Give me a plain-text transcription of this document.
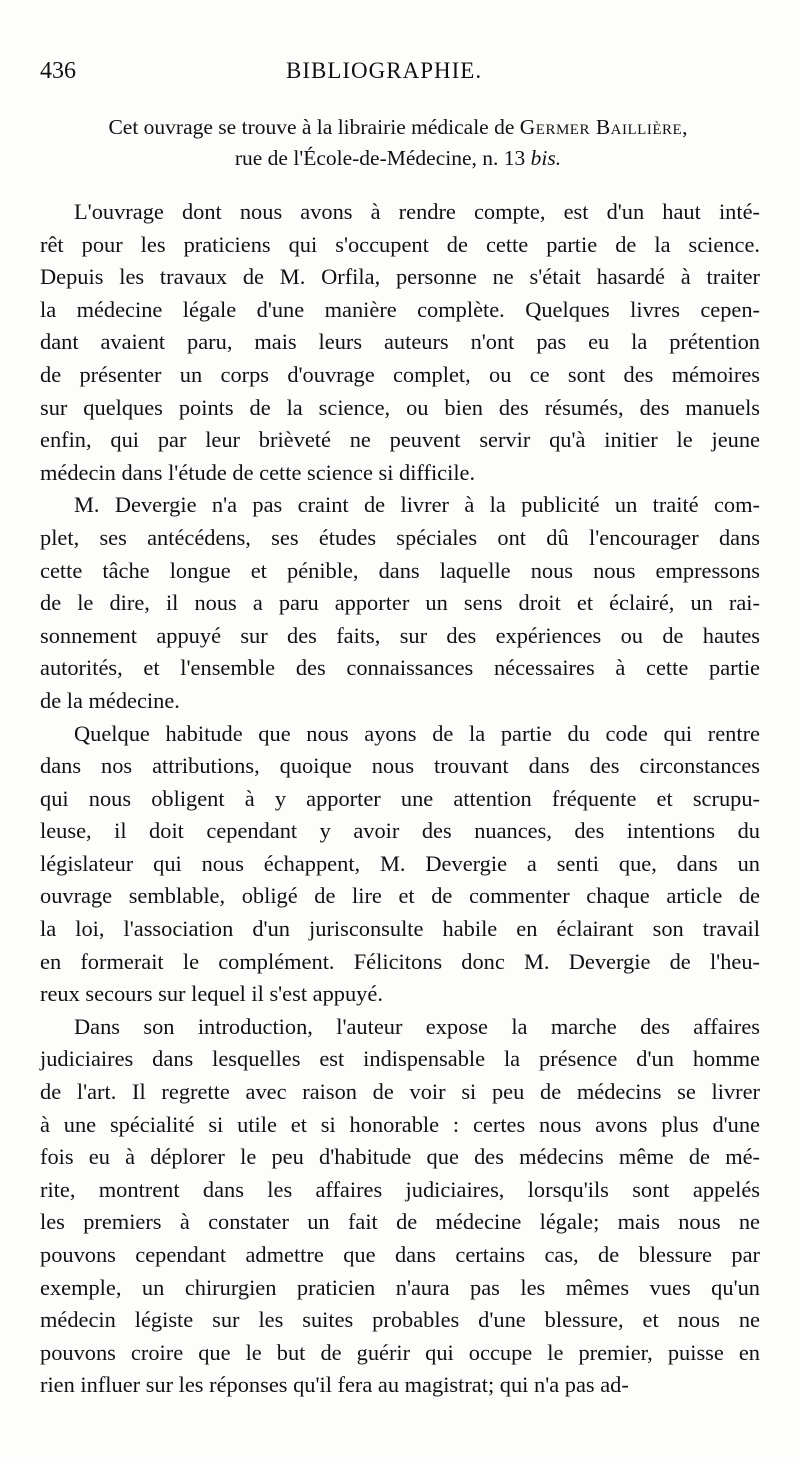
436	BIBLIOGRAPHIE.
Cet ouvrage se trouve à la librairie médicale de Germer Baillière,
rue de l'École-de-Médecine, n. 13 bis.
L'ouvrage dont nous avons à rendre compte, est d'un haut inté-
rêt pour les praticiens qui s'occupent de cette partie de la science.
Depuis les travaux de M. Orfila, personne ne s'était hasardé à traiter
la médecine légale d'une manière complète. Quelques livres cepen-
dant avaient paru, mais leurs auteurs n'ont pas eu la prétention
de présenter un corps d'ouvrage complet, ou ce sont des mémoires
sur quelques points de la science, ou bien des résumés, des manuels
enfin, qui par leur brièveté ne peuvent servir qu'à initier le jeune
médecin dans l'étude de cette science si difficile.
M. Devergie n'a pas craint de livrer à la publicité un traité com-
plet, ses antécédens, ses études spéciales ont dû l'encourager dans
cette tâche longue et pénible, dans laquelle nous nous empressons
de le dire, il nous a paru apporter un sens droit et éclairé, un rai-
sonnement appuyé sur des faits, sur des expériences ou de hautes
autorités, et l'ensemble des connaissances nécessaires à cette partie
de la médecine.
Quelque habitude que nous ayons de la partie du code qui rentre
dans nos attributions, quoique nous trouvant dans des circonstances
qui nous obligent à y apporter une attention fréquente et scrupu-
leuse, il doit cependant y avoir des nuances, des intentions du
législateur qui nous échappent, M. Devergie a senti que, dans un
ouvrage semblable, obligé de lire et de commenter chaque article de
la loi, l'association d'un jurisconsulte habile en éclairant son travail
en formerait le complément. Félicitons donc M. Devergie de l'heu-
reux secours sur lequel il s'est appuyé.
Dans son introduction, l'auteur expose la marche des affaires
judiciaires dans lesquelles est indispensable la présence d'un homme
de l'art. Il regrette avec raison de voir si peu de médecins se livrer
à une spécialité si utile et si honorable : certes nous avons plus d'une
fois eu à déplorer le peu d'habitude que des médecins même de mé-
rite, montrent dans les affaires judiciaires, lorsqu'ils sont appelés
les premiers à constater un fait de médecine légale; mais nous ne
pouvons cependant admettre que dans certains cas, de blessure par
exemple, un chirurgien praticien n'aura pas les mêmes vues qu'un
médecin légiste sur les suites probables d'une blessure, et nous ne
pouvons croire que le but de guérir qui occupe le premier, puisse en
rien influer sur les réponses qu'il fera au magistrat; qui n'a pas ad-
